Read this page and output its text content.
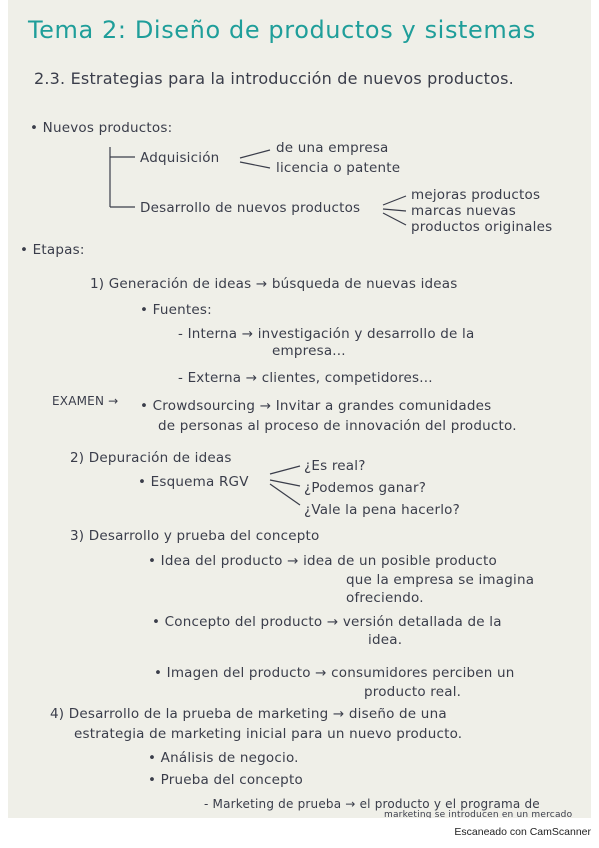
Tema 2: Diseño de productos y sistemas
2.3. Estrategias para la introducción de nuevos productos.
• Nuevos productos:
Adquisición
de una empresa
licencia o patente
Desarrollo de nuevos productos
mejoras productos
marcas nuevas
productos originales
• Etapas:
1) Generación de ideas → búsqueda de nuevas ideas
• Fuentes:
- Interna → investigación y desarrollo de la
empresa...
- Externa → clientes, competidores...
EXAMEN → • Crowdsourcing → Invitar a grandes comunidades
de personas al proceso de innovación del producto.
2) Depuración de ideas
• Esquema RGV
¿Es real?
¿Podemos ganar?
¿Vale la pena hacerlo?
3) Desarrollo y prueba del concepto
• Idea del producto → idea de un posible producto
que la empresa se imagina
ofreciendo.
• Concepto del producto → versión detallada de la
idea.
• Imagen del producto → consumidores perciben un
producto real.
4) Desarrollo de la prueba de marketing → diseño de una
estrategia de marketing inicial para un nuevo producto.
• Análisis de negocio.
• Prueba del concepto
- Marketing de prueba → el producto y el programa de
marketing se introducen en un mercado
Escaneado con CamScanner
